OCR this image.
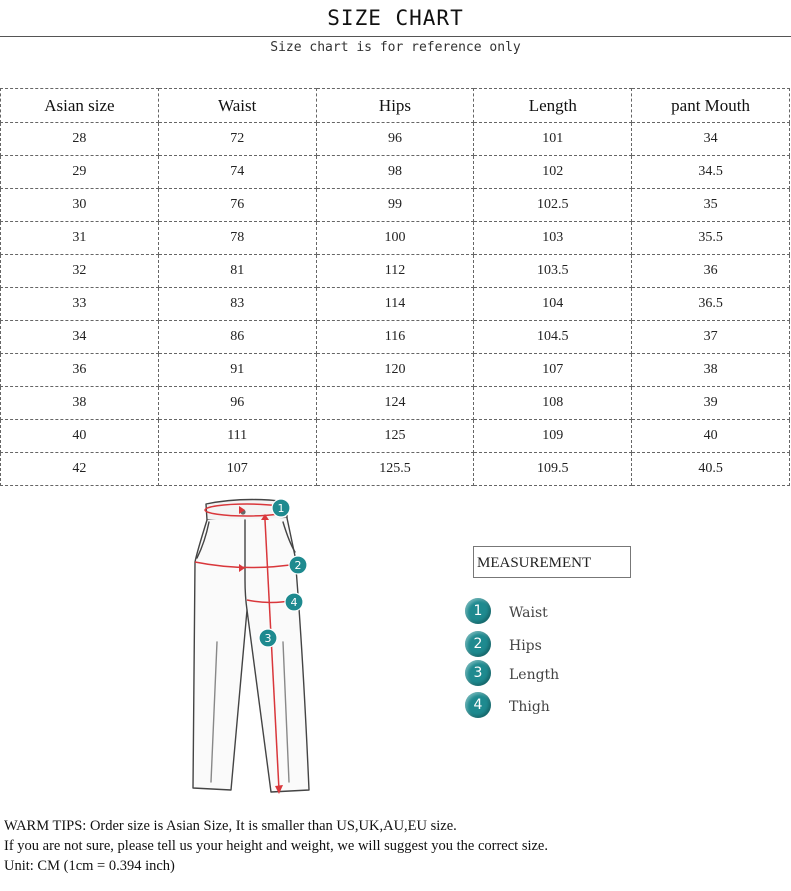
SIZE CHART
Size chart is for reference only
Asian size	Waist	Hips	Length	pant Mouth
28	72	96	101	34
29	74	98	102	34.5
30	76	99	102.5	35
31	78	100	103	35.5
32	81	112	103.5	36
33	83	114	104	36.5
34	86	116	104.5	37
36	91	120	107	38
38	96	124	108	39
40	111	125	109	40
42	107	125.5	109.5	40.5
1
2
3
4
MEASUREMENT
1	Waist
2	Hips
3	Length
4	Thigh
WARM TIPS: Order size is Asian Size, It is smaller than US,UK,AU,EU size.
If you are not sure, please tell us your height and weight, we will suggest you the correct size.
Unit: CM (1cm = 0.394 inch)
